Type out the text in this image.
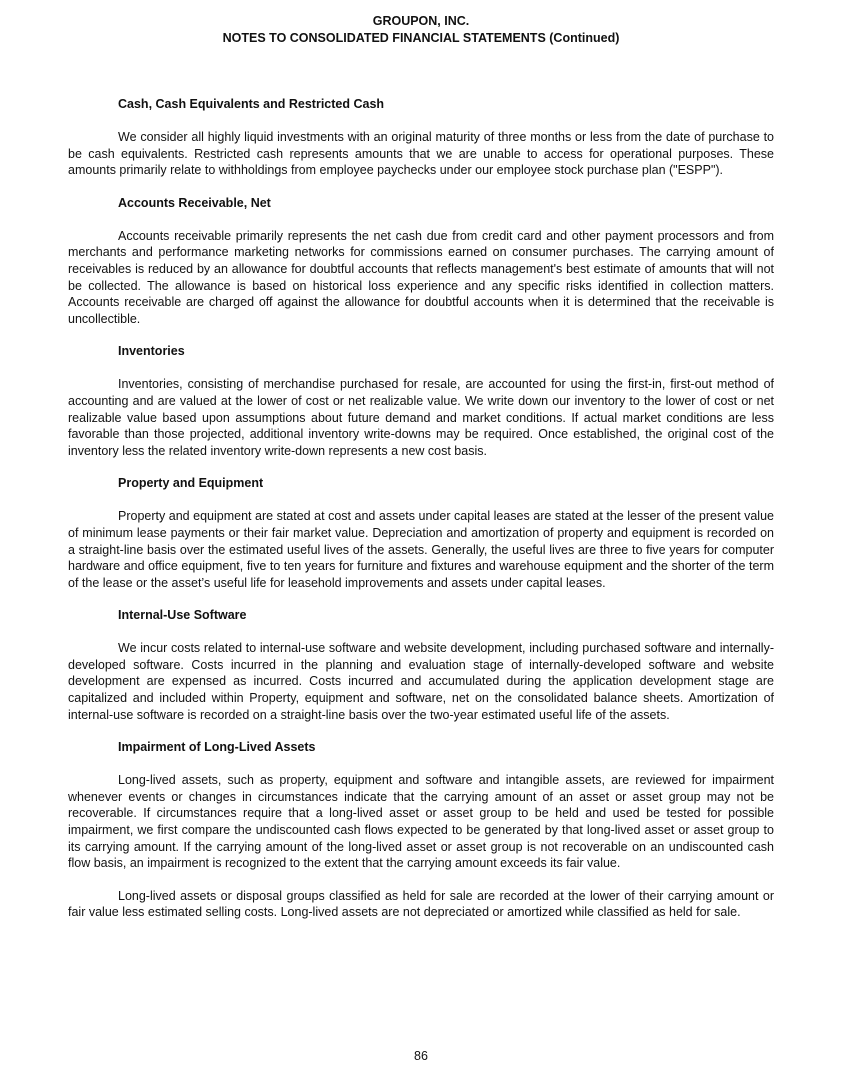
GROUPON, INC.
NOTES TO CONSOLIDATED FINANCIAL STATEMENTS (Continued)
Cash, Cash Equivalents and Restricted Cash

We consider all highly liquid investments with an original maturity of three months or less from the date of purchase to be cash equivalents. Restricted cash represents amounts that we are unable to access for operational purposes. These amounts primarily relate to withholdings from employee paychecks under our employee stock purchase plan ("ESPP").

Accounts Receivable, Net

Accounts receivable primarily represents the net cash due from credit card and other payment processors and from merchants and performance marketing networks for commissions earned on consumer purchases. The carrying amount of receivables is reduced by an allowance for doubtful accounts that reflects management's best estimate of amounts that will not be collected. The allowance is based on historical loss experience and any specific risks identified in collection matters. Accounts receivable are charged off against the allowance for doubtful accounts when it is determined that the receivable is uncollectible.

Inventories

Inventories, consisting of merchandise purchased for resale, are accounted for using the first-in, first-out method of accounting and are valued at the lower of cost or net realizable value. We write down our inventory to the lower of cost or net realizable value based upon assumptions about future demand and market conditions. If actual market conditions are less favorable than those projected, additional inventory write-downs may be required. Once established, the original cost of the inventory less the related inventory write-down represents a new cost basis.

Property and Equipment

Property and equipment are stated at cost and assets under capital leases are stated at the lesser of the present value of minimum lease payments or their fair market value. Depreciation and amortization of property and equipment is recorded on a straight-line basis over the estimated useful lives of the assets. Generally, the useful lives are three to five years for computer hardware and office equipment, five to ten years for furniture and fixtures and warehouse equipment and the shorter of the term of the lease or the asset’s useful life for leasehold improvements and assets under capital leases.

Internal-Use Software

We incur costs related to internal-use software and website development, including purchased software and internally-developed software. Costs incurred in the planning and evaluation stage of internally-developed software and website development are expensed as incurred. Costs incurred and accumulated during the application development stage are capitalized and included within Property, equipment and software, net on the consolidated balance sheets. Amortization of internal-use software is recorded on a straight-line basis over the two-year estimated useful life of the assets.

Impairment of Long-Lived Assets

Long-lived assets, such as property, equipment and software and intangible assets, are reviewed for impairment whenever events or changes in circumstances indicate that the carrying amount of an asset or asset group may not be recoverable. If circumstances require that a long-lived asset or asset group to be held and used be tested for possible impairment, we first compare the undiscounted cash flows expected to be generated by that long-lived asset or asset group to its carrying amount. If the carrying amount of the long-lived asset or asset group is not recoverable on an undiscounted cash flow basis, an impairment is recognized to the extent that the carrying amount exceeds its fair value.

Long-lived assets or disposal groups classified as held for sale are recorded at the lower of their carrying amount or fair value less estimated selling costs. Long-lived assets are not depreciated or amortized while classified as held for sale.

86
